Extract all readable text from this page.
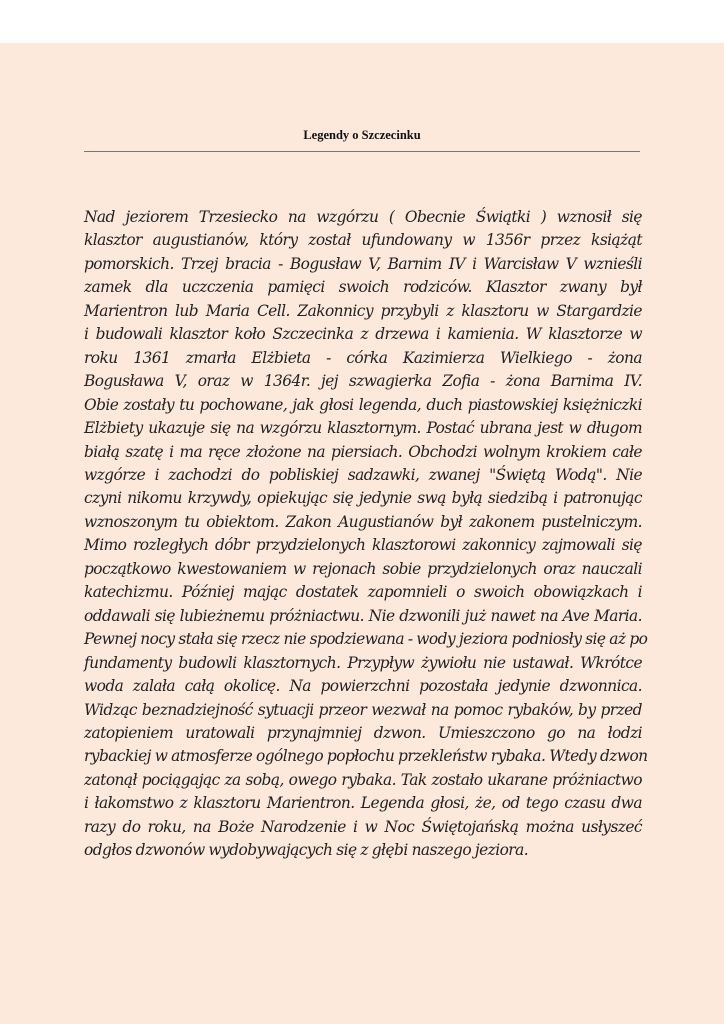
Legendy o Szczecinku

Nad jeziorem Trzesiecko na wzgórzu ( Obecnie Świątki ) wznosił się
klasztor augustianów, który został ufundowany w 1356r przez książąt
pomorskich. Trzej bracia - Bogusław V, Barnim IV i Warcisław V wznieśli
zamek dla uczczenia pamięci swoich rodziców. Klasztor zwany był
Marientron lub Maria Cell. Zakonnicy przybyli z klasztoru w Stargardzie
i budowali klasztor koło Szczecinka z drzewa i kamienia. W klasztorze w
roku 1361 zmarła Elżbieta - córka Kazimierza Wielkiego - żona
Bogusława V, oraz w 1364r. jej szwagierka Zofia - żona Barnima IV.
Obie zostały tu pochowane, jak głosi legenda, duch piastowskiej księżniczki
Elżbiety ukazuje się na wzgórzu klasztornym. Postać ubrana jest w długom
białą szatę i ma ręce złożone na piersiach. Obchodzi wolnym krokiem całe
wzgórze i zachodzi do pobliskiej sadzawki, zwanej "Świętą Wodą". Nie
czyni nikomu krzywdy, opiekując się jedynie swą byłą siedzibą i patronując
wznoszonym tu obiektom. Zakon Augustianów był zakonem pustelniczym.
Mimo rozległych dóbr przydzielonych klasztorowi zakonnicy zajmowali się
początkowo kwestowaniem w rejonach sobie przydzielonych oraz nauczali
katechizmu. Później mając dostatek zapomnieli o swoich obowiązkach i
oddawali się lubieżnemu próżniactwu. Nie dzwonili już nawet na Ave Maria.
Pewnej nocy stała się rzecz nie spodziewana - wody jeziora podniosły się aż po
fundamenty budowli klasztornych. Przypływ żywiołu nie ustawał. Wkrótce
woda zalała całą okolicę. Na powierzchni pozostała jedynie dzwonnica.
Widząc beznadziejność sytuacji przeor wezwał na pomoc rybaków, by przed
zatopieniem uratowali przynajmniej dzwon. Umieszczono go na łodzi
rybackiej w atmosferze ogólnego popłochu przekleństw rybaka. Wtedy dzwon
zatonął pociągając za sobą, owego rybaka. Tak zostało ukarane próżniactwo
i łakomstwo z klasztoru Marientron. Legenda głosi, że, od tego czasu dwa
razy do roku, na Boże Narodzenie i w Noc Świętojańską można usłyszeć
odgłos dzwonów wydobywających się z głębi naszego jeziora.
